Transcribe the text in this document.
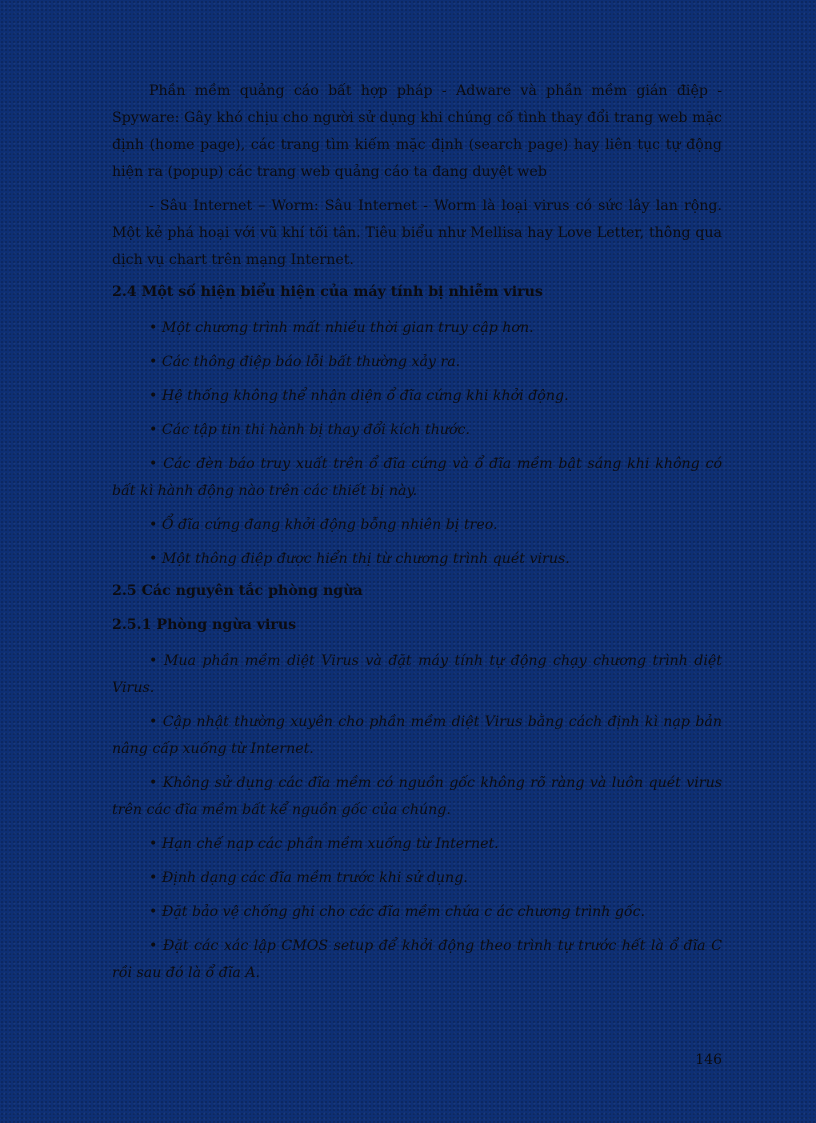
Phần mềm quảng cáo bất hợp pháp - Adware và phần mềm gián điệp - Spyware: Gây khó chịu cho người sử dụng khi chúng cố tình thay đổi trang web mặc định (home page), các trang tìm kiếm mặc định (search page) hay liên tục tự động hiện ra (popup) các trang web quảng cáo ta đang duyệt web

- Sâu Internet – Worm: Sâu Internet - Worm là loại virus có sức lây lan rộng. Một kẻ phá hoại với vũ khí tối tân. Tiêu biểu như Mellisa hay Love Letter, thông qua dịch vụ chart trên mạng Internet.

2.4 Một số hiện biểu hiện của máy tính bị nhiễm virus

• Một chương trình mất nhiều thời gian truy cập hơn.

• Các thông điệp báo lỗi bất thường xảy ra.

• Hệ thống không thể nhận diện ổ đĩa cứng khi khởi động.

• Các tập tin thi hành bị thay đổi kích thước.

• Các đèn báo truy xuất trên ổ đĩa cứng và ổ đĩa mềm bật sáng khi không có bất kì hành động nào trên các thiết bị này.

• Ổ đĩa cứng đang khởi động bỗng nhiên bị treo.

• Một thông điệp được hiển thị từ chương trình quét virus.

2.5 Các nguyên tắc phòng ngừa
2.5.1 Phòng ngừa virus

• Mua phần mềm diệt Virus và đặt máy tính tự động chạy chương trình diệt Virus.

• Cập nhật thường xuyên cho phần mềm diệt Virus bằng cách định kì nạp bản nâng cấp xuống từ Internet.

• Không sử dụng các đĩa mềm có nguồn gốc không rõ ràng và luôn quét virus trên các đĩa mềm bất kể nguồn gốc của chúng.

• Hạn chế nạp các phần mềm xuống từ Internet.

• Định dạng các đĩa mềm trước khi sử dụng.

• Đặt bảo vệ chống ghi cho các đĩa mềm chứa c ác chương trình gốc.

• Đặt các xác lập CMOS setup để khởi động theo trình tự trước hết là ổ đĩa C rồi sau đó là ổ đĩa A.

146
